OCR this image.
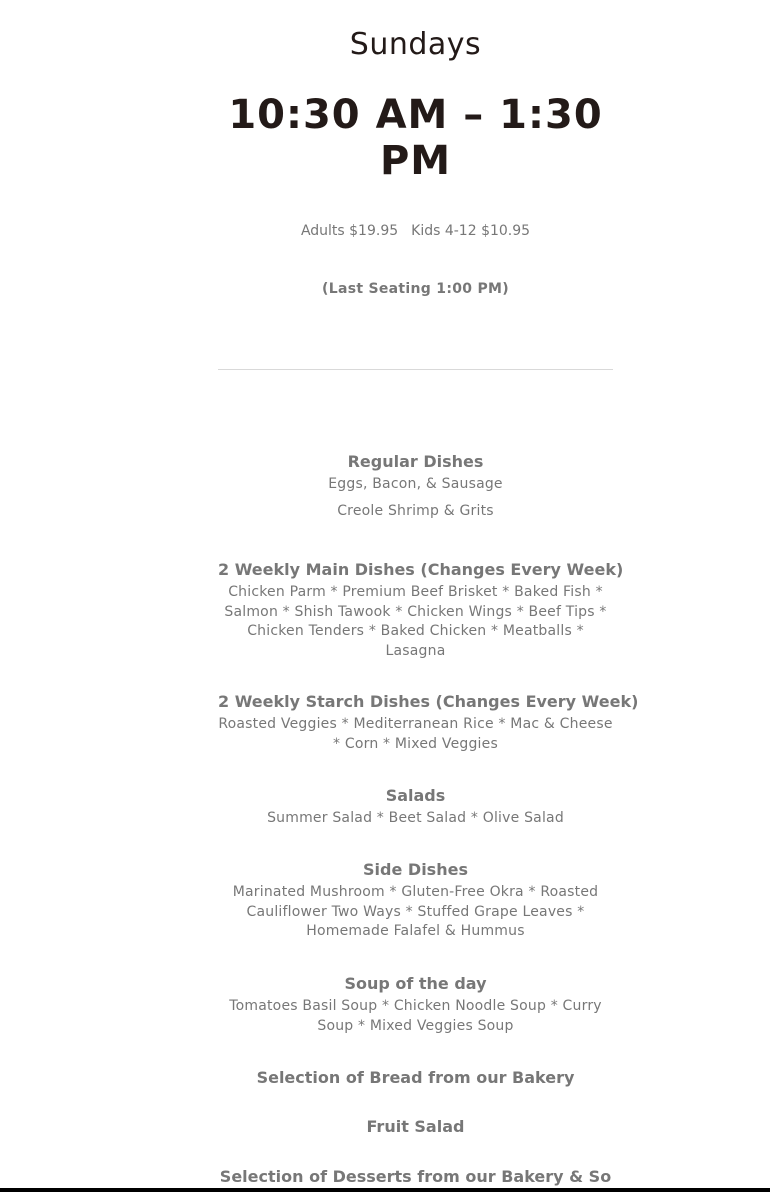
Sundays
10:30 AM – 1:30 PM
Adults $19.95 Kids 4-12 $10.95
(Last Seating 1:00 PM)
Regular Dishes

Eggs, Bacon, & Sausage

Creole Shrimp & Grits

2 Weekly Main Dishes (Changes Every Week)

Chicken Parm * Premium Beef Brisket * Baked Fish * Salmon * Shish Tawook * Chicken Wings * Beef Tips * Chicken Tenders * Baked Chicken * Meatballs * Lasagna

2 Weekly Starch Dishes (Changes Every Week)

Roasted Veggies * Mediterranean Rice * Mac & Cheese * Corn * Mixed Veggies

Salads

Summer Salad * Beet Salad * Olive Salad

Side Dishes

Marinated Mushroom * Gluten-Free Okra * Roasted Cauliflower Two Ways * Stuffed Grape Leaves * Homemade Falafel & Hummus

Soup of the day

Tomatoes Basil Soup * Chicken Noodle Soup * Curry Soup * Mixed Veggies Soup

Selection of Bread from our Bakery
Fruit Salad
Selection of Desserts from our Bakery & So
